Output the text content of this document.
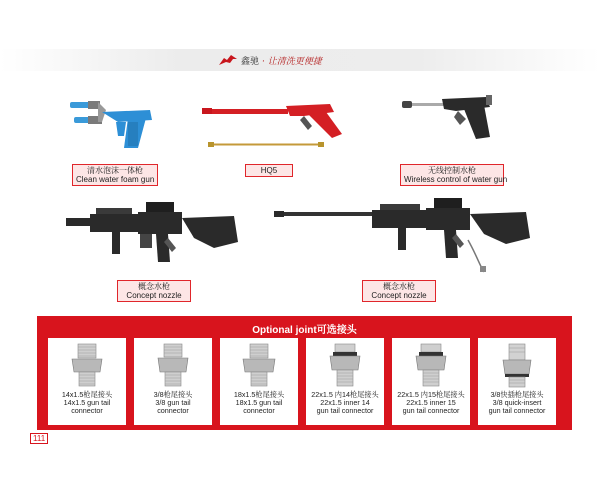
鑫驰 · 让清洗更便捷
清水泡沫一体枪
Clean water foam gun
HQ5	无线控制水枪
Wireless control of water gun
概念水枪
Concept nozzle
概念水枪
Concept nozzle
Optional joint可选接头
14x1.5枪尾接头
14x1.5 gun tail
connector
3/8枪尾接头
3/8 gun tail
connector
18x1.5枪尾接头
18x1.5 gun tail
connector
22x1.5 内14枪尾接头
22x1.5 inner 14
gun tail connector
22x1.5 内15枪尾接头
22x1.5 inner 15
gun tail connector
3/8快插枪尾接头
3/8 quick-insert
gun tail connector
111
